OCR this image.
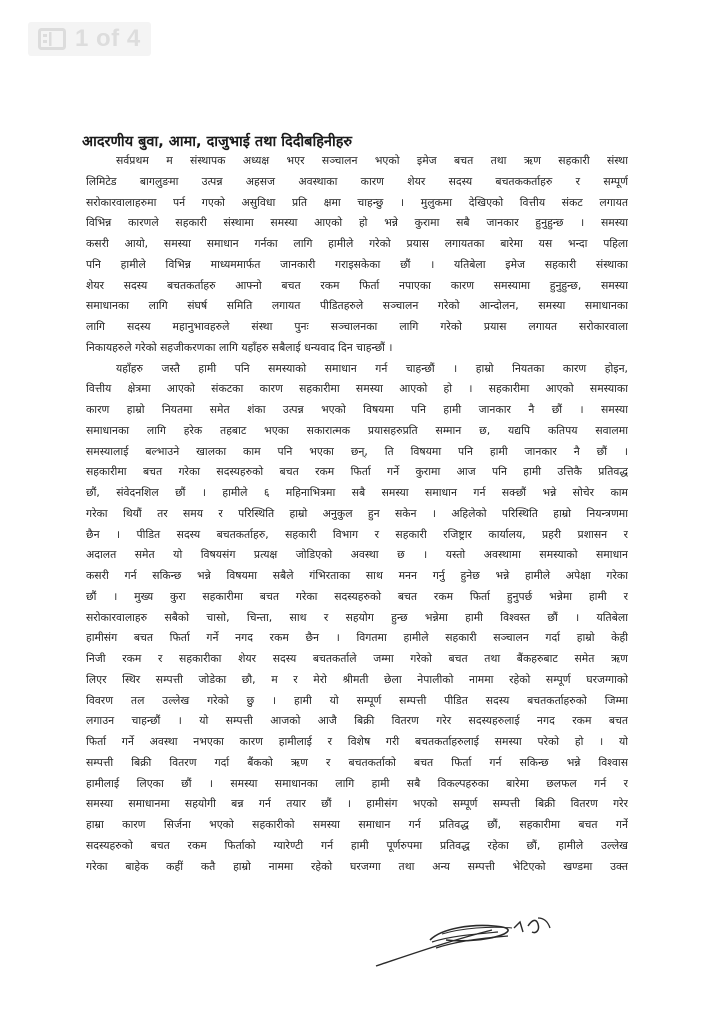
1 of 4
आदरणीय बुवा, आमा, दाजुभाई तथा दिदीबहिनीहरु
सर्वप्रथम म संस्थापक अध्यक्ष भएर सञ्चालन भएको इमेज बचत तथा ऋण सहकारी संस्था
लिमिटेड बागलुङमा उत्पन्न अहसज अवस्थाका कारण शेयर सदस्य बचतककर्ताहरु र सम्पूर्ण
सरोकारवालाहरुमा पर्न गएको असुविधा प्रति क्षमा चाहन्छु । मुलुकमा देखिएको वित्तीय संकट लगायत
विभिन्न कारणले सहकारी संस्थामा समस्या आएको हो भन्ने कुरामा सबै जानकार हुनुहुन्छ । समस्या
कसरी आयो, समस्या समाधान गर्नका लागि हामीले गरेको प्रयास लगायतका बारेमा यस भन्दा पहिला
पनि हामीले विभिन्न माध्यममार्फत जानकारी गराइसकेका छौं । यतिबेला इमेज सहकारी संस्थाका
शेयर सदस्य बचतकर्ताहरु आफ्नो बचत रकम फिर्ता नपाएका कारण समस्यामा हुनुहुन्छ, समस्या
समाधानका लागि संघर्ष समिति लगायत पीडितहरुले सञ्चालन गरेको आन्दोलन, समस्या समाधानका
लागि सदस्य महानुभावहरुले संस्था पुनः सञ्चालनका लागि गरेको प्रयास लगायत सरोकारवाला
निकायहरुले गरेको सहजीकरणका लागि यहाँहरु सबैलाई धन्यवाद दिन चाहन्छौं ।
यहाँहरु जस्तै हामी पनि समस्याको समाधान गर्न चाहन्छौं । हाम्रो नियतका कारण होइन,
वित्तीय क्षेत्रमा आएको संकटका कारण सहकारीमा समस्या आएको हो । सहकारीमा आएको समस्याका
कारण हाम्रो नियतमा समेत शंका उत्पन्न भएको विषयमा पनि हामी जानकार नै छौं । समस्या
समाधानका लागि हरेक तहबाट भएका सकारात्मक प्रयासहरुप्रति सम्मान छ, यद्यपि कतिपय सवालमा
समस्यालाई बल्भाउने खालका काम पनि भएका छन्, ति विषयमा पनि हामी जानकार नै छौं ।
सहकारीमा बचत गरेका सदस्यहरुको बचत रकम फिर्ता गर्ने कुरामा आज पनि हामी उत्तिकै प्रतिवद्ध
छौं, संवेदनशिल छौं । हामीले ६ महिनाभित्रमा सबै समस्या समाधान गर्न सक्छौं भन्ने सोचेर काम
गरेका थियौं तर समय र परिस्थिति हाम्रो अनुकुल हुन सकेन । अहिलेको परिस्थिति हाम्रो नियन्त्रणमा
छैन । पीडित सदस्य बचतकर्ताहरु, सहकारी विभाग र सहकारी रजिष्ट्रार कार्यालय, प्रहरी प्रशासन र
अदालत समेत यो विषयसंग प्रत्यक्ष जोडिएको अवस्था छ । यस्तो अवस्थामा समस्याको समाधान
कसरी गर्न सकिन्छ भन्ने विषयमा सबैले गंभिरताका साथ मनन गर्नु हुनेछ भन्ने हामीले अपेक्षा गरेका
छौं । मुख्य कुरा सहकारीमा बचत गरेका सदस्यहरुको बचत रकम फिर्ता हुनुपर्छ भन्नेमा हामी र
सरोकारवालाहरु सबैको चासो, चिन्ता, साथ र सहयोग हुन्छ भन्नेमा हामी विश्वस्त छौं । यतिबेला
हामीसंग बचत फिर्ता गर्ने नगद रकम छैन । विगतमा हामीले सहकारी सञ्चालन गर्दा हाम्रो केही
निजी रकम र सहकारीका शेयर सदस्य बचतकर्ताले जम्मा गरेको बचत तथा बैंकहरुबाट समेत ऋण
लिएर स्थिर सम्पत्ती जोडेका छौ, म र मेरो श्रीमती छेला नेपालीको नाममा रहेको सम्पूर्ण घरजग्गाको
विवरण तल उल्लेख गरेको छु । हामी यो सम्पूर्ण सम्पत्ती पीडित सदस्य बचतकर्ताहरुको जिम्मा
लगाउन चाहन्छौं । यो सम्पत्ती आजको आजै बिक्री वितरण गरेर सदस्यहरुलाई नगद रकम बचत
फिर्ता गर्ने अवस्था नभएका कारण हामीलाई र विशेष गरी बचतकर्ताहरुलाई समस्या परेको हो । यो
सम्पत्ती बिक्री वितरण गर्दा बैंकको ऋण र बचतकर्ताको बचत फिर्ता गर्न सकिन्छ भन्ने विश्वास
हामीलाई लिएका छौं । समस्या समाधानका लागि हामी सबै विकल्पहरुका बारेमा छलफल गर्न र
समस्या समाधानमा सहयोगी बन्न गर्न तयार छौं । हामीसंग भएको सम्पूर्ण सम्पत्ती बिक्री वितरण गरेर
हाम्रा कारण सिर्जना भएको सहकारीको समस्या समाधान गर्न प्रतिवद्ध छौं, सहकारीमा बचत गर्ने
सदस्यहरुको बचत रकम फिर्ताको ग्यारेण्टी गर्न हामी पूर्णरुपमा प्रतिवद्ध रहेका छौं, हामीले उल्लेख
गरेका बाहेक कहीं कतै हाम्रो नाममा रहेको घरजग्गा तथा अन्य सम्पत्ती भेटिएको खण्डमा उक्त
